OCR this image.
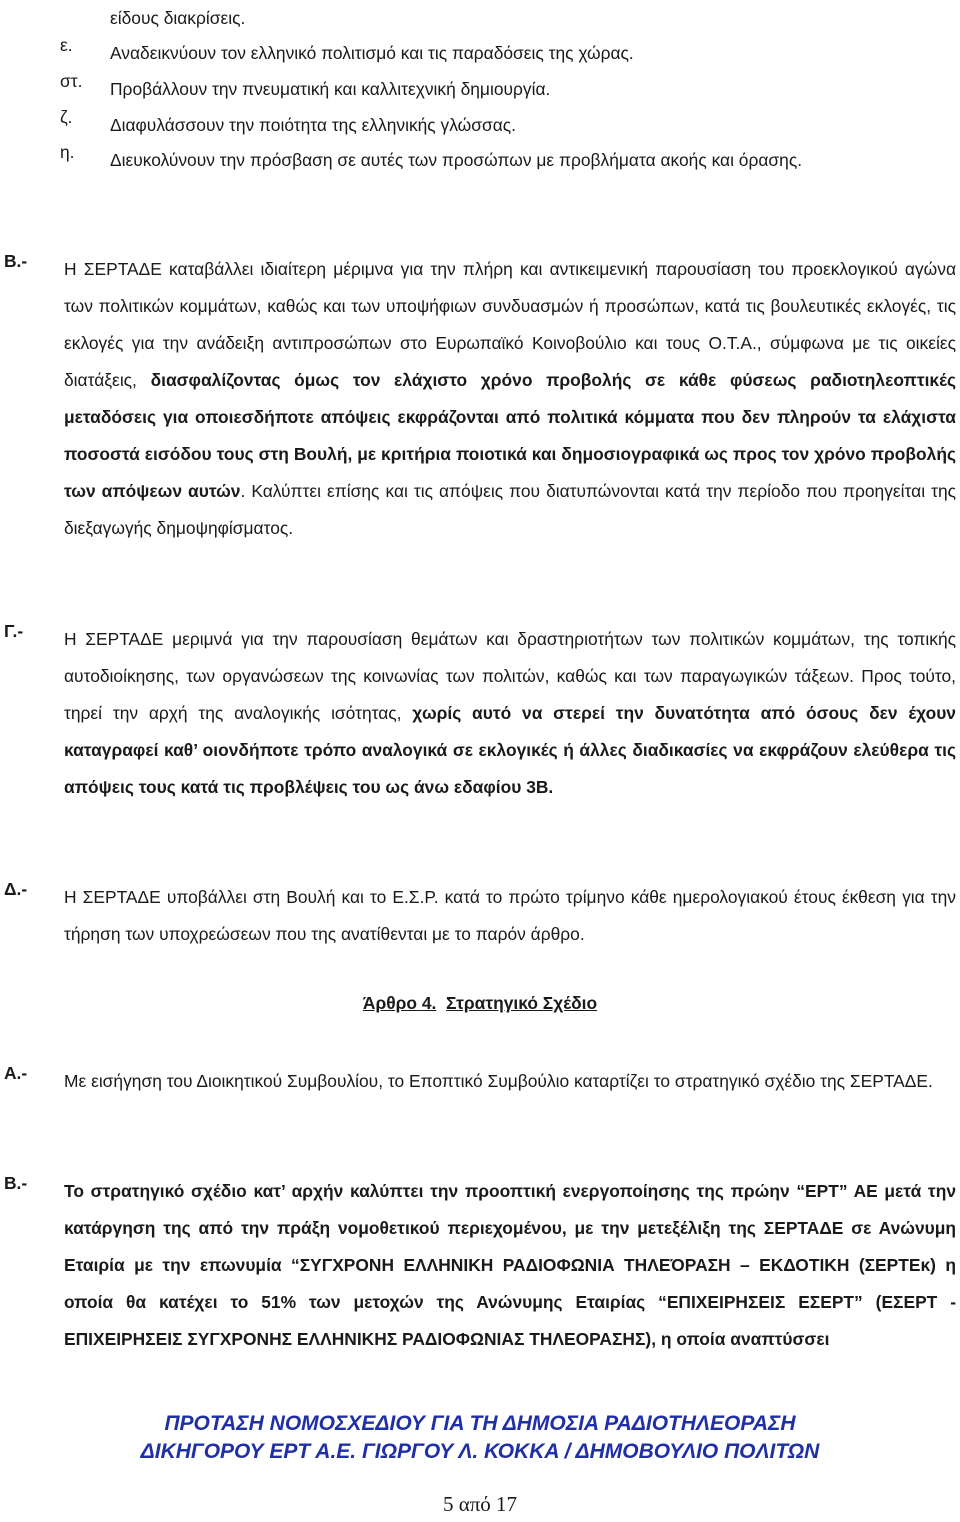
είδους διακρίσεις.
ε.	Αναδεικνύουν τον ελληνικό πολιτισμό και τις παραδόσεις της χώρας.
στ.	Προβάλλουν την πνευματική και καλλιτεχνική δημιουργία.
ζ.	Διαφυλάσσουν την ποιότητα της ελληνικής γλώσσας.
η.	Διευκολύνουν την πρόσβαση σε αυτές των προσώπων με προβλήματα ακοής και όρασης.
Β.- Η ΣΕΡΤΑΔΕ καταβάλλει ιδιαίτερη μέριμνα για την πλήρη και αντικειμενική παρουσίαση του προεκλογικού αγώνα των πολιτικών κομμάτων, καθώς και των υποψήφιων συνδυασμών ή προσώπων, κατά τις βουλευτικές εκλογές, τις εκλογές για την ανάδειξη αντιπροσώπων στο Ευρωπαϊκό Κοινοβούλιο και τους Ο.Τ.Α., σύμφωνα με τις οικείες διατάξεις, διασφαλίζοντας όμως τον ελάχιστο χρόνο προβολής σε κάθε φύσεως ραδιοτηλεοπτικές μεταδόσεις για οποιεσδήποτε απόψεις εκφράζονται από πολιτικά κόμματα που δεν πληρούν τα ελάχιστα ποσοστά εισόδου τους στη Βουλή, με κριτήρια ποιοτικά και δημοσιογραφικά ως προς τον χρόνο προβολής των απόψεων αυτών. Καλύπτει επίσης και τις απόψεις που διατυπώνονται κατά την περίοδο που προηγείται της διεξαγωγής δημοψηφίσματος.
Γ.- Η ΣΕΡΤΑΔΕ μεριμνά για την παρουσίαση θεμάτων και δραστηριοτήτων των πολιτικών κομμάτων, της τοπικής αυτοδιοίκησης, των οργανώσεων της κοινωνίας των πολιτών, καθώς και των παραγωγικών τάξεων. Προς τούτο, τηρεί την αρχή της αναλογικής ισότητας, χωρίς αυτό να στερεί την δυνατότητα από όσους δεν έχουν καταγραφεί καθ’ οιονδήποτε τρόπο αναλογικά σε εκλογικές ή άλλες διαδικασίες να εκφράζουν ελεύθερα τις απόψεις τους κατά τις προβλέψεις του ως άνω εδαφίου 3Β.
Δ.- Η ΣΕΡΤΑΔΕ υποβάλλει στη Βουλή και το Ε.Σ.Ρ. κατά το πρώτο τρίμηνο κάθε ημερολογιακού έτους έκθεση για την τήρηση των υποχρεώσεων που της ανατίθενται με το παρόν άρθρο.
Άρθρο 4. Στρατηγικό Σχέδιο
Α.- Με εισήγηση του Διοικητικού Συμβουλίου, το Εποπτικό Συμβούλιο καταρτίζει το στρατηγικό σχέδιο της ΣΕΡΤΑΔΕ.
Β.- Το στρατηγικό σχέδιο κατ’ αρχήν καλύπτει την προοπτική ενεργοποίησης της πρώην “ΕΡΤ” ΑΕ μετά την κατάργηση της από την πράξη νομοθετικού περιεχομένου, με την μετεξέλιξη της ΣΕΡΤΑΔΕ σε Ανώνυμη Εταιρία με την επωνυμία “ΣΥΓΧΡΟΝΗ ΕΛΛΗΝΙΚΗ ΡΑΔΙΟΦΩΝΙΑ ΤΗΛΕΌΡΑΣΗ – ΕΚΔΟΤΙΚΗ (ΣΕΡΤΕκ) η οποία θα κατέχει το 51% των μετοχών της Ανώνυμης Εταιρίας “ΕΠΙΧΕΙΡΗΣΕΙΣ ΕΣΕΡΤ” (ΕΣΕΡΤ - ΕΠΙΧΕΙΡΗΣΕΙΣ ΣΥΓΧΡΟΝΗΣ ΕΛΛΗΝΙΚΗΣ ΡΑΔΙΟΦΩΝΙΑΣ ΤΗΛΕΟΡΑΣΗΣ), η οποία αναπτύσσει
ΠΡΟΤΑΣΗ ΝΟΜΟΣΧΕΔΙΟΥ ΓΙΑ ΤΗ ΔΗΜΟΣΙΑ ΡΑΔΙΟΤΗΛΕΟΡΑΣΗ
ΔΙΚΗΓΟΡΟΥ ΕΡΤ Α.Ε. ΓΙΩΡΓΟΥ Λ. ΚΟΚΚΑ / ΔΗΜΟΒΟΥΛΙΟ ΠΟΛΙΤΩΝ
5 από 17
